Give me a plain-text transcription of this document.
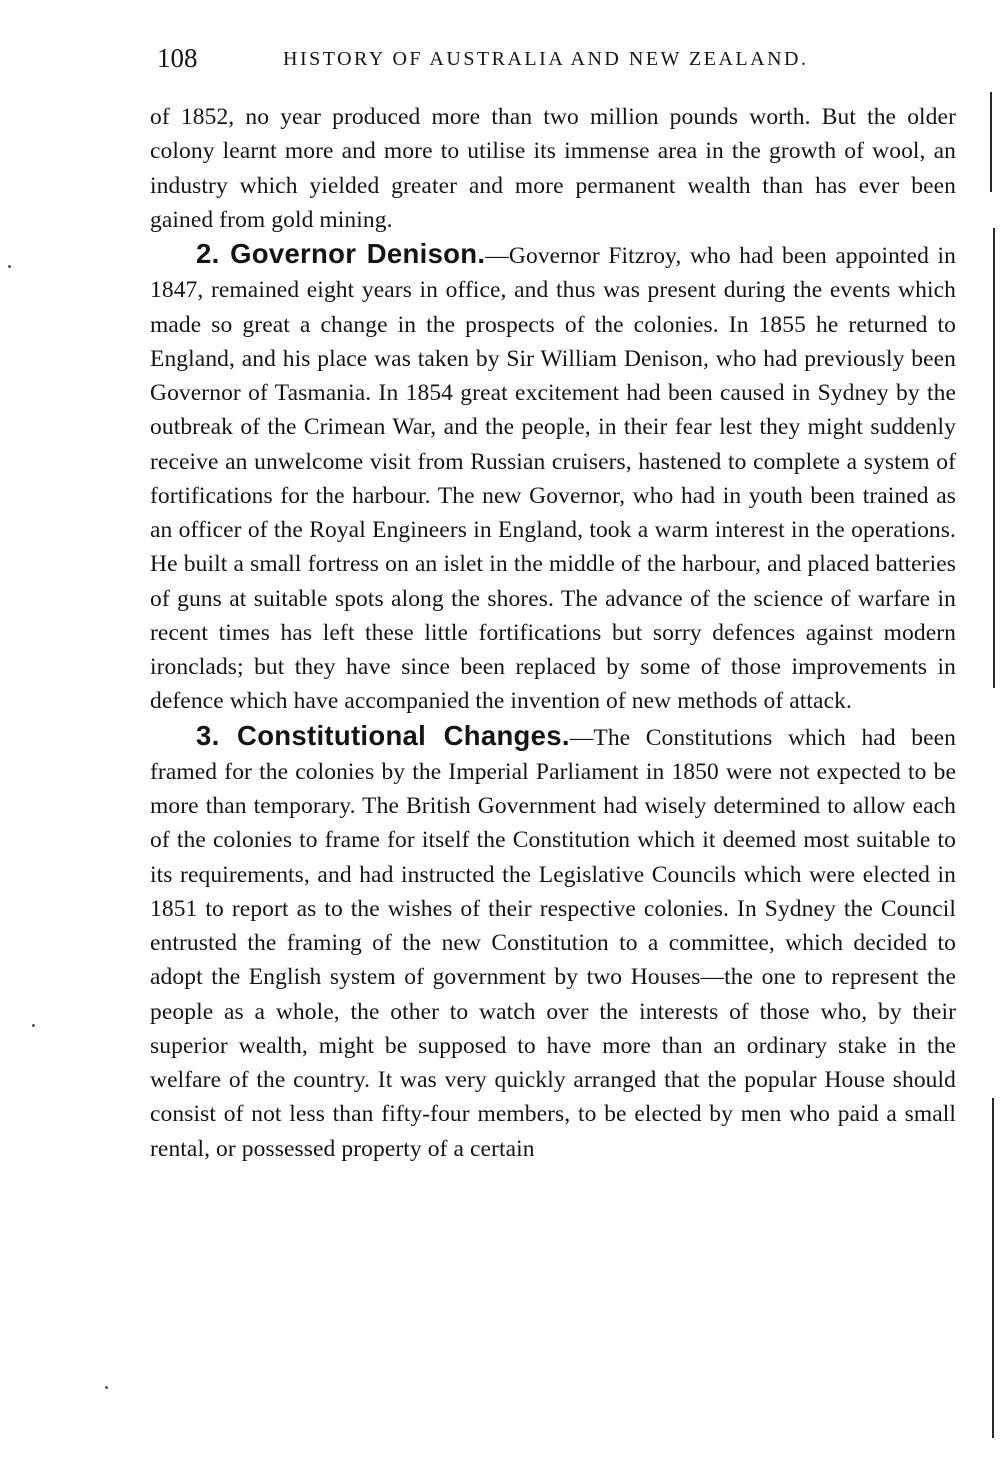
108	HISTORY OF AUSTRALIA AND NEW ZEALAND.

of 1852, no year produced more than two million pounds worth. But the older colony learnt more and more to utilise its immense area in the growth of wool, an industry which yielded greater and more permanent wealth than has ever been gained from gold mining.

2. Governor Denison.—Governor Fitzroy, who had been appointed in 1847, remained eight years in office, and thus was present during the events which made so great a change in the prospects of the colonies. In 1855 he returned to England, and his place was taken by Sir William Denison, who had previously been Governor of Tasmania. In 1854 great excitement had been caused in Sydney by the outbreak of the Crimean War, and the people, in their fear lest they might suddenly receive an unwelcome visit from Russian cruisers, hastened to complete a system of fortifications for the harbour. The new Governor, who had in youth been trained as an officer of the Royal Engineers in England, took a warm interest in the operations. He built a small fortress on an islet in the middle of the harbour, and placed batteries of guns at suitable spots along the shores. The advance of the science of warfare in recent times has left these little fortifications but sorry defences against modern ironclads; but they have since been replaced by some of those improvements in defence which have accompanied the invention of new methods of attack.

3. Constitutional Changes.—The Constitutions which had been framed for the colonies by the Imperial Parliament in 1850 were not expected to be more than temporary. The British Government had wisely determined to allow each of the colonies to frame for itself the Constitution which it deemed most suitable to its requirements, and had instructed the Legislative Councils which were elected in 1851 to report as to the wishes of their respective colonies. In Sydney the Council entrusted the framing of the new Constitution to a committee, which decided to adopt the English system of government by two Houses—the one to represent the people as a whole, the other to watch over the interests of those who, by their superior wealth, might be supposed to have more than an ordinary stake in the welfare of the country. It was very quickly arranged that the popular House should consist of not less than fifty-four members, to be elected by men who paid a small rental, or possessed property of a certain
